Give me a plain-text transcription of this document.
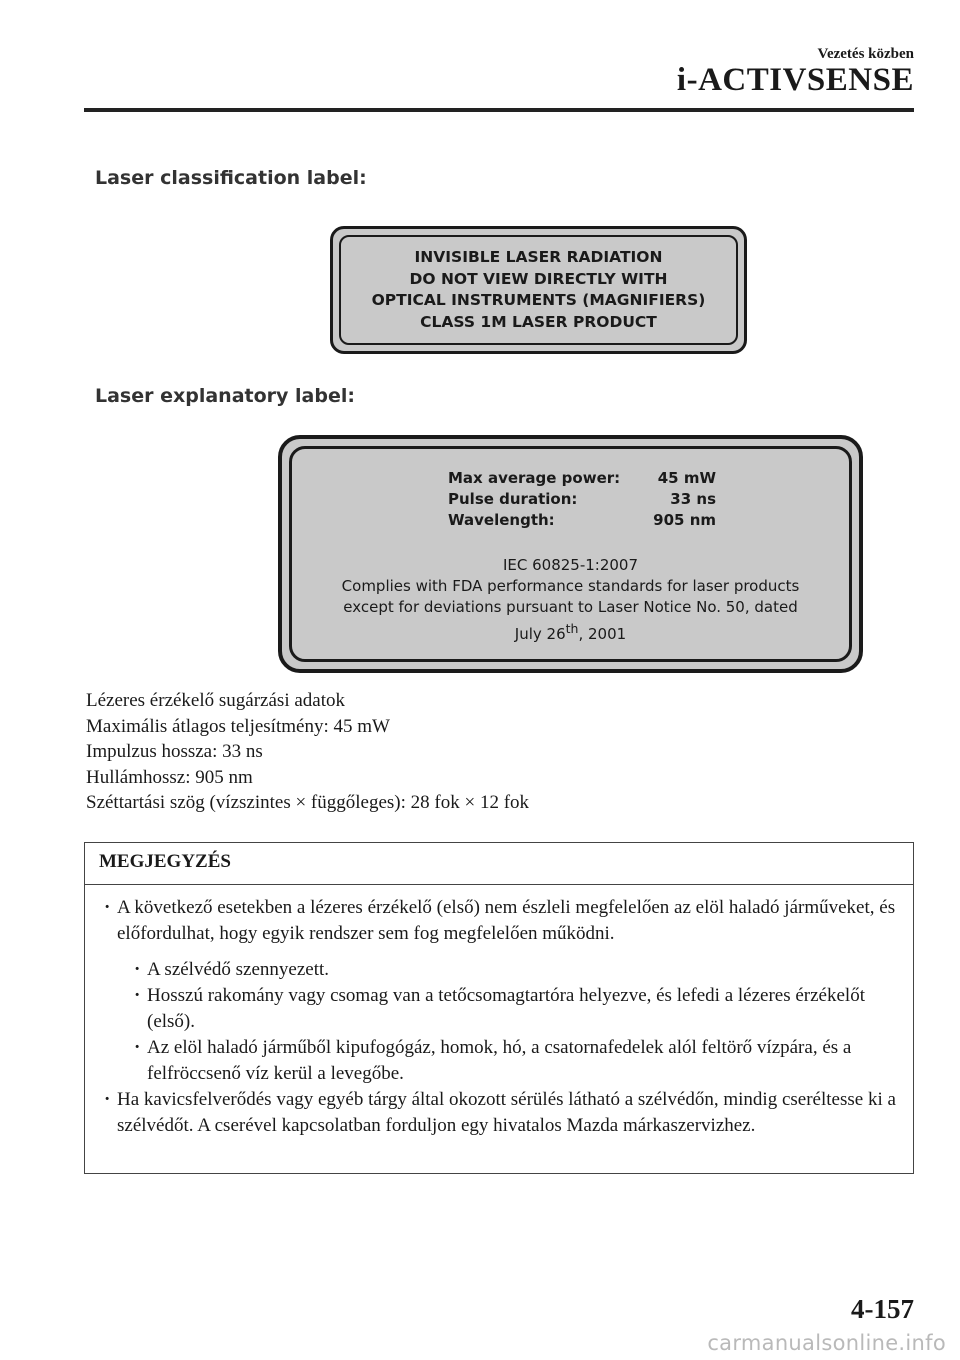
Vezetés közben
i-ACTIVSENSE
Laser classification label:
INVISIBLE LASER RADIATION
DO NOT VIEW DIRECTLY WITH
OPTICAL INSTRUMENTS (MAGNIFIERS)
CLASS 1M LASER PRODUCT
Laser explanatory label:
Max average power:	45 mW
Pulse duration:	33 ns
Wavelength:	905 nm
IEC 60825-1:2007
Complies with FDA performance standards for laser products
except for deviations pursuant to Laser Notice No. 50, dated
July 26th, 2001
Lézeres érzékelő sugárzási adatok
Maximális átlagos teljesítmény: 45 mW
Impulzus hossza: 33 ns
Hullámhossz: 905 nm
Széttartási szög (vízszintes × függőleges): 28 fok × 12 fok
MEGJEGYZÉS
· A következő esetekben a lézeres érzékelő (első) nem észleli megfelelően az elöl haladó járműveket, és előfordulhat, hogy egyik rendszer sem fog megfelelően működni.
· A szélvédő szennyezett.
· Hosszú rakomány vagy csomag van a tetőcsomagtartóra helyezve, és lefedi a lézeres érzékelőt (első).
· Az elöl haladó járműből kipufogógáz, homok, hó, a csatornafedelek alól feltörő vízpára, és a felfröccsenő víz kerül a levegőbe.
· Ha kavicsfelverődés vagy egyéb tárgy által okozott sérülés látható a szélvédőn, mindig cseréltesse ki a szélvédőt. A cserével kapcsolatban forduljon egy hivatalos Mazda márkaszervizhez.
4-157
carmanualsonline.info
